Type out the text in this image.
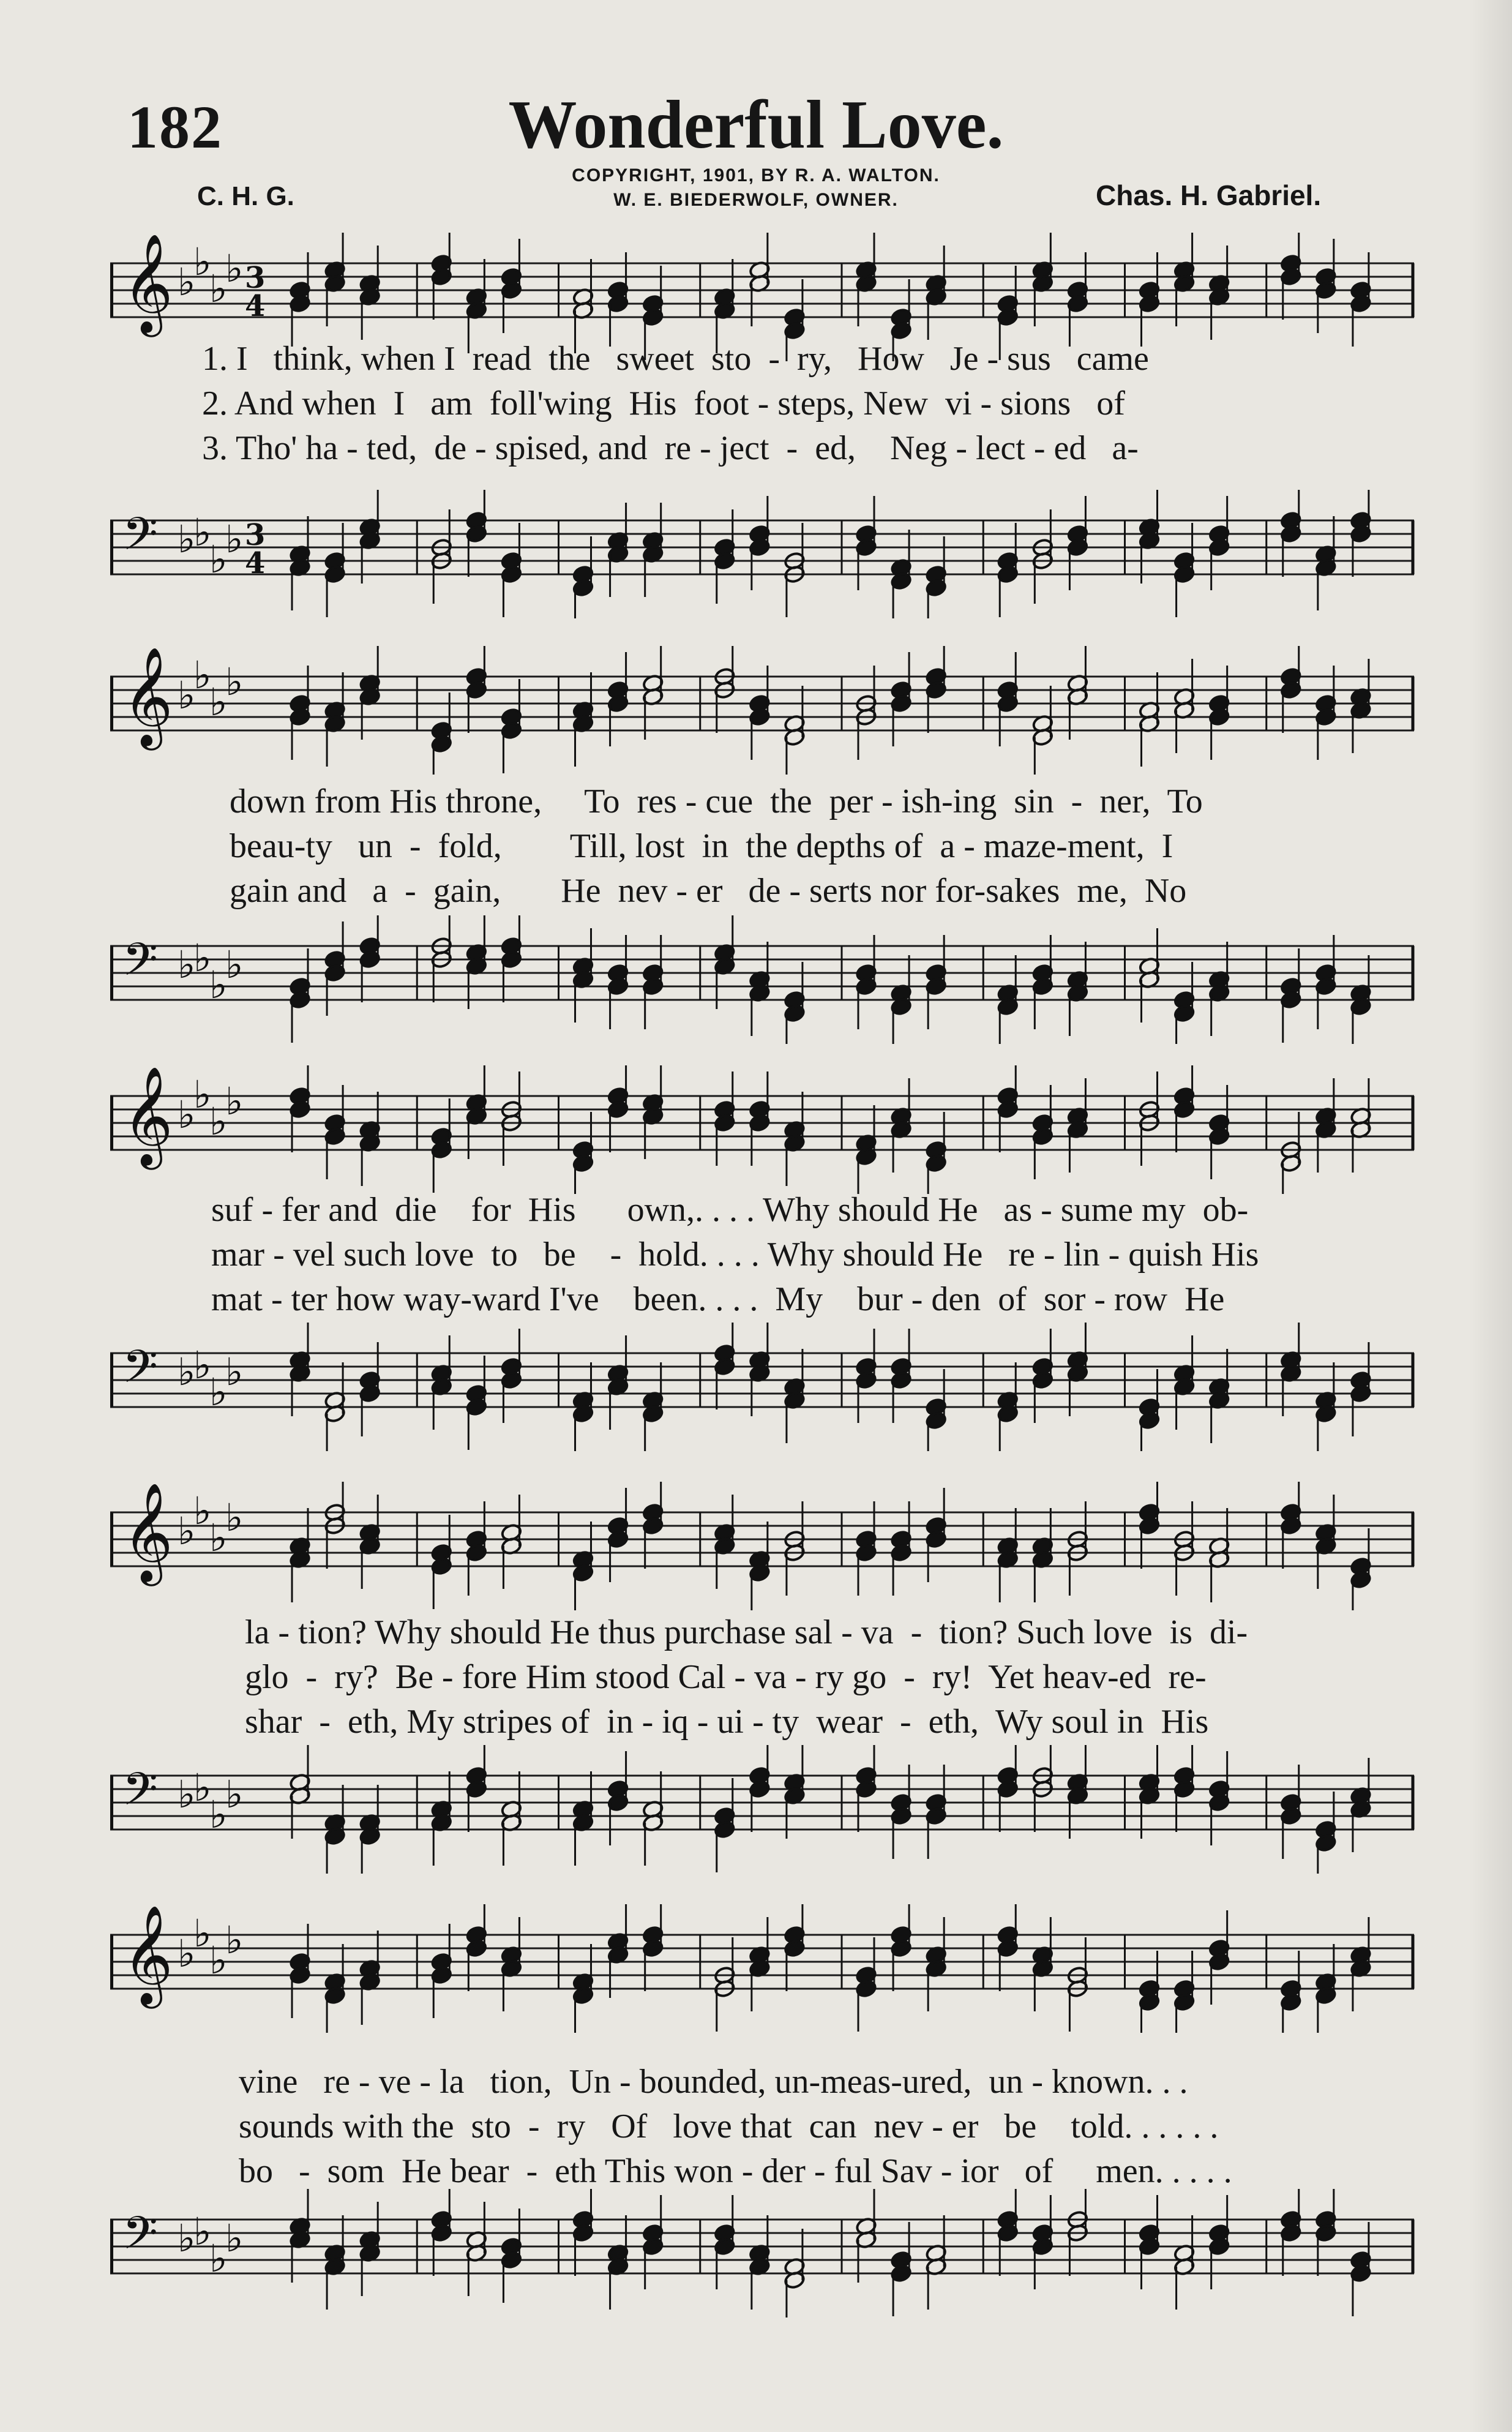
182	Wonderful Love.
COPYRIGHT, 1901, BY R. A. WALTON.
W. E. BIEDERWOLF, OWNER.
C. H. G.	Chas. H. Gabriel.
𝄞 ♭
♭
♭
♭ 3
4
1. I   think, when I  read  the   sweet  sto  -  ry,   How   Je - sus   came
2. And when  I   am  foll'wing  His  foot - steps, New  vi - sions   of
3. Tho' ha - ted,  de - spised, and  re - ject  -  ed,    Neg - lect - ed   a-
𝄢 ♭
♭
♭
♭ 3
4
𝄞 ♭
♭
♭
♭
down from His throne,     To  res - cue  the  per - ish-ing  sin  -  ner,  To
beau-ty   un  -  fold,        Till, lost  in  the depths of  a - maze-ment,  I
gain and   a  -  gain,       He  nev - er   de - serts nor for-sakes  me,  No
𝄢 ♭
♭
♭
♭
𝄞 ♭
♭
♭
♭
suf - fer and  die    for  His      own,. . . . Why should He   as - sume my  ob-
mar - vel such love  to   be    -  hold. . . . Why should He   re - lin - quish His
mat - ter how way-ward I've    been. . . .  My    bur - den  of  sor - row  He
𝄢 ♭
♭
♭
♭
𝄞 ♭
♭
♭
♭
la - tion? Why should He thus purchase sal - va  -  tion? Such love  is  di-
glo  -  ry?  Be - fore Him stood Cal - va - ry go  -  ry!  Yet heav-ed  re-
shar  -  eth, My stripes of  in - iq - ui - ty  wear  -  eth,  Wy soul in  His
𝄢 ♭
♭
♭
♭
𝄞 ♭
♭
♭
♭
vine   re - ve - la   tion,  Un - bounded, un-meas-ured,  un - known. . .
sounds with the  sto  -  ry   Of   love that  can  nev - er   be    told. . . . . .
bo   -  som  He bear  -  eth This won - der - ful Sav - ior   of     men. . . . .
𝄢 ♭
♭
♭
♭
